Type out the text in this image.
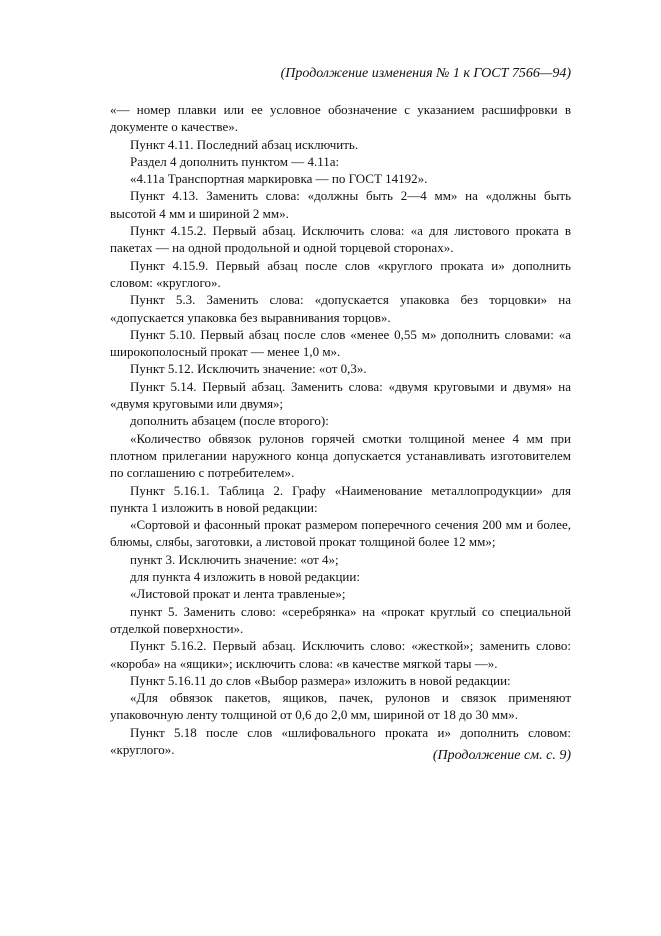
(Продолжение изменения № 1 к ГОСТ 7566—94)

«— номер плавки или ее условное обозначение с указанием расшифровки в документе о качестве».

Пункт 4.11. Последний абзац исключить.

Раздел 4 дополнить пунктом — 4.11а:

«4.11а Транспортная маркировка — по ГОСТ 14192».

Пункт 4.13. Заменить слова: «должны быть 2—4 мм» на «должны быть высотой 4 мм и шириной 2 мм».

Пункт 4.15.2. Первый абзац. Исключить слова: «а для листового проката в пакетах — на одной продольной и одной торцевой сторонах».

Пункт 4.15.9. Первый абзац после слов «круглого проката и» дополнить словом: «круглого».

Пункт 5.3. Заменить слова: «допускается упаковка без торцовки» на «допускается упаковка без выравнивания торцов».

Пункт 5.10. Первый абзац после слов «менее 0,55 м» дополнить словами: «а широкополосный прокат — менее 1,0 м».

Пункт 5.12. Исключить значение: «от 0,3».

Пункт 5.14. Первый абзац. Заменить слова: «двумя круговыми и двумя» на «двумя круговыми или двумя»;

дополнить абзацем (после второго):

«Количество обвязок рулонов горячей смотки толщиной менее 4 мм при плотном прилегании наружного конца допускается устанавливать изготовителем по соглашению с потребителем».

Пункт 5.16.1. Таблица 2. Графу «Наименование металлопродукции» для пункта 1 изложить в новой редакции:

«Сортовой и фасонный прокат размером поперечного сечения 200 мм и более, блюмы, слябы, заготовки, а листовой прокат толщиной более 12 мм»;

пункт 3. Исключить значение: «от 4»;

для пункта 4 изложить в новой редакции:

«Листовой прокат и лента травленые»;

пункт 5. Заменить слово: «серебрянка» на «прокат круглый со специальной отделкой поверхности».

Пункт 5.16.2. Первый абзац. Исключить слово: «жесткой»; заменить слово: «короба» на «ящики»; исключить слова: «в качестве мягкой тары —».

Пункт 5.16.11 до слов «Выбор размера» изложить в новой редакции:

«Для обвязок пакетов, ящиков, пачек, рулонов и связок применяют упаковочную ленту толщиной от 0,6 до 2,0 мм, шириной от 18 до 30 мм».

Пункт 5.18 после слов «шлифовального проката и» дополнить словом: «круглого».	(Продолжение см. с. 9)
